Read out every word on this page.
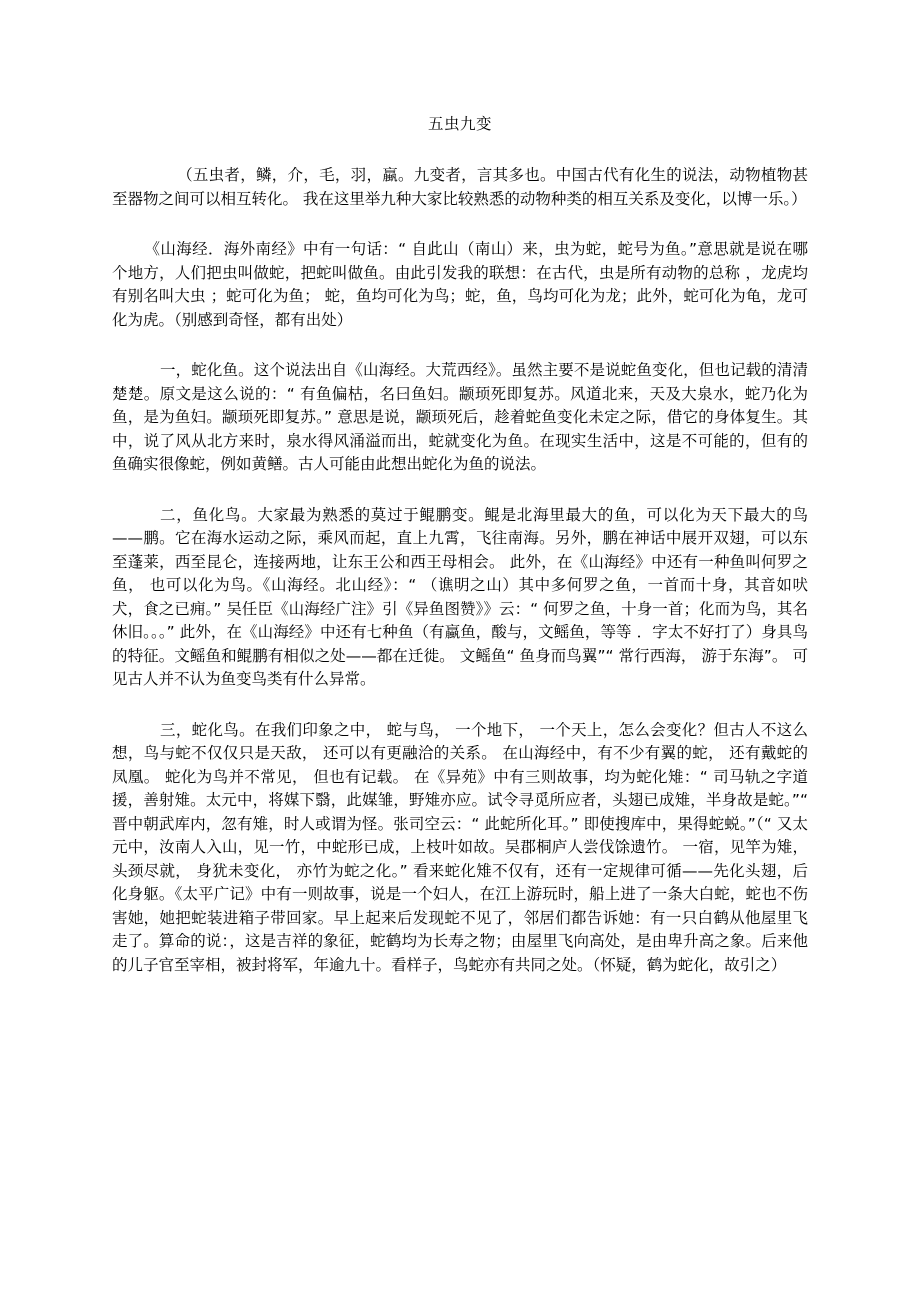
五虫九变

（五虫者，鳞，介，毛，羽，蠃。九变者，言其多也。中国古代有化生的说法，动物植物甚至器物之间可以相互转化。 我在这里举九种大家比较熟悉的动物种类的相互关系及变化，以博一乐。）

《山海经．海外南经》中有一句话：“ 自此山（南山）来，虫为蛇，蛇号为鱼。”意思就是说在哪个地方，人们把虫叫做蛇，把蛇叫做鱼。由此引发我的联想：在古代，虫是所有动物的总称 ，龙虎均有别名叫大虫 ；蛇可化为鱼； 蛇，鱼均可化为鸟；蛇，鱼，鸟均可化为龙；此外，蛇可化为龟，龙可化为虎。（别感到奇怪，都有出处）

一，蛇化鱼。这个说法出自《山海经。大荒西经》。虽然主要不是说蛇鱼变化，但也记载的清清楚楚。原文是这么说的：“ 有鱼偏枯，名曰鱼妇。颛顼死即复苏。风道北来，天及大泉水，蛇乃化为鱼，是为鱼妇。颛顼死即复苏。” 意思是说，颛顼死后，趁着蛇鱼变化未定之际，借它的身体复生。其中，说了风从北方来时，泉水得风涌溢而出，蛇就变化为鱼。在现实生活中，这是不可能的，但有的鱼确实很像蛇，例如黄鳝。古人可能由此想出蛇化为鱼的说法。

二，鱼化鸟。大家最为熟悉的莫过于鲲鹏变。鲲是北海里最大的鱼，可以化为天下最大的鸟——鹏。它在海水运动之际，乘风而起，直上九霄，飞往南海。另外，鹏在神话中展开双翅，可以东至蓬莱，西至昆仑，连接两地，让东王公和西王母相会。 此外，在《山海经》中还有一种鱼叫何罗之鱼， 也可以化为鸟。《山海经。北山经》：“ （谯明之山）其中多何罗之鱼，一首而十身，其音如吠犬，食之已痈。” 吴任臣《山海经广注》引《异鱼图赞》》云：“ 何罗之鱼，十身一首；化而为鸟，其名休旧。。。” 此外，在《山海经》中还有七种鱼（有蠃鱼，酸与，文鳐鱼，等等 ．字太不好打了）身具鸟的特征。文鳐鱼和鲲鹏有相似之处——都在迁徙。 文鳐鱼“ 鱼身而鸟翼”“ 常行西海， 游于东海”。 可见古人并不认为鱼变鸟类有什么异常。

三，蛇化鸟。在我们印象之中， 蛇与鸟， 一个地下， 一个天上，怎么会变化？但古人不这么想，鸟与蛇不仅仅只是天敌， 还可以有更融洽的关系。 在山海经中，有不少有翼的蛇， 还有戴蛇的凤凰。 蛇化为鸟并不常见， 但也有记载。 在《异苑》中有三则故事，均为蛇化雉：“ 司马轨之字道援，善射雉。太元中，将媒下翳，此媒雏，野雉亦应。试令寻觅所应者，头翅已成雉，半身故是蛇。”“ 晋中朝武库内，忽有雉，时人或谓为怪。张司空云：“ 此蛇所化耳。” 即使搜库中，果得蛇蜕。”（“ 又太元中，汝南人入山，见一竹，中蛇形已成，上枝叶如故。吴郡桐庐人尝伐馀遗竹。 一宿，见竿为雉， 头颈尽就， 身犹未变化， 亦竹为蛇之化。” 看来蛇化雉不仅有，还有一定规律可循——先化头翅，后化身躯。《太平广记》中有一则故事，说是一个妇人，在江上游玩时，船上进了一条大白蛇，蛇也不伤害她，她把蛇装进箱子带回家。早上起来后发现蛇不见了，邻居们都告诉她：有一只白鹤从他屋里飞走了。算命的说：，这是吉祥的象征，蛇鹤均为长寿之物；由屋里飞向高处，是由卑升高之象。后来他的儿子官至宰相，被封将军，年逾九十。看样子，鸟蛇亦有共同之处。（怀疑，鹤为蛇化，故引之）
